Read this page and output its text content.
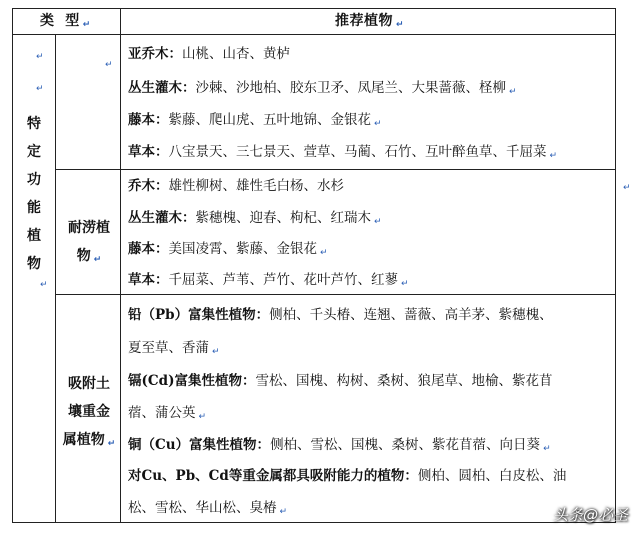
类  型 ↵	推荐植物 ↵
↵
↵
特定功能植物
↵
↵
亚乔木：山桃、山杏、黄栌
丛生灌木：沙棘、沙地柏、胶东卫矛、凤尾兰、大果蔷薇、柽柳 ↵
藤本：紫藤、爬山虎、五叶地锦、金银花 ↵
草本：八宝景天、三七景天、萱草、马蔺、石竹、互叶醉鱼草、千屈菜 ↵
耐涝植物 ↵
乔木：雄性柳树、雄性毛白杨、水杉
丛生灌木：紫穗槐、迎春、枸杞、红瑞木 ↵
藤本：美国凌霄、紫藤、金银花 ↵
草本：千屈菜、芦苇、芦竹、花叶芦竹、红蓼 ↵
↵
吸附土壤重金属植物 ↵
铅（Pb）富集性植物：侧柏、千头椿、连翘、蔷薇、高羊茅、紫穗槐、
夏至草、香蒲 ↵
镉(Cd)富集性植物：雪松、国槐、构树、桑树、狼尾草、地榆、紫花苜
蓿、蒲公英 ↵
铜（Cu）富集性植物：侧柏、雪松、国槐、桑树、紫花苜蓿、向日葵 ↵
对Cu、Pb、Cd等重金属都具吸附能力的植物：侧柏、圆柏、白皮松、油
松、雪松、华山松、臭椿 ↵	头条@必圣
